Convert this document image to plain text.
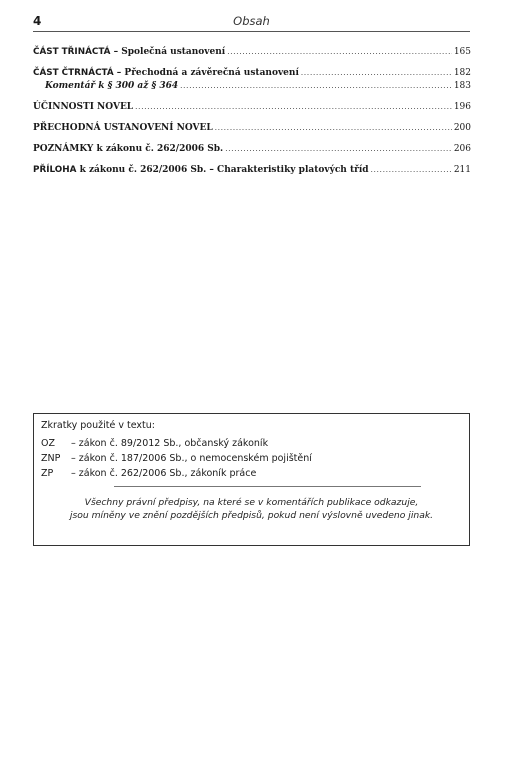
4	Obsah
ČÁST TŘINÁCTÁ – Společná ustanovení .....	165
ČÁST ČTRNÁCTÁ – Přechodná a závěrečná ustanovení .....	182
Komentář k § 300 až § 364 .....	183
ÚČINNOSTI NOVEL .....	196
PŘECHODNÁ USTANOVENÍ NOVEL .....	200
POZNÁMKY k zákonu č. 262/2006 Sb. .....	206
PŘÍLOHA k zákonu č. 262/2006 Sb. – Charakteristiky platových tříd .....	211
Zkratky použité v textu:
OZ	– zákon č. 89/2012 Sb., občanský zákoník
ZNP	– zákon č. 187/2006 Sb., o nemocenském pojištění
ZP	– zákon č. 262/2006 Sb., zákoník práce
Všechny právní předpisy, na které se v komentářích publikace odkazuje,
jsou míněny ve znění pozdějších předpisů, pokud není výslovně uvedeno jinak.
